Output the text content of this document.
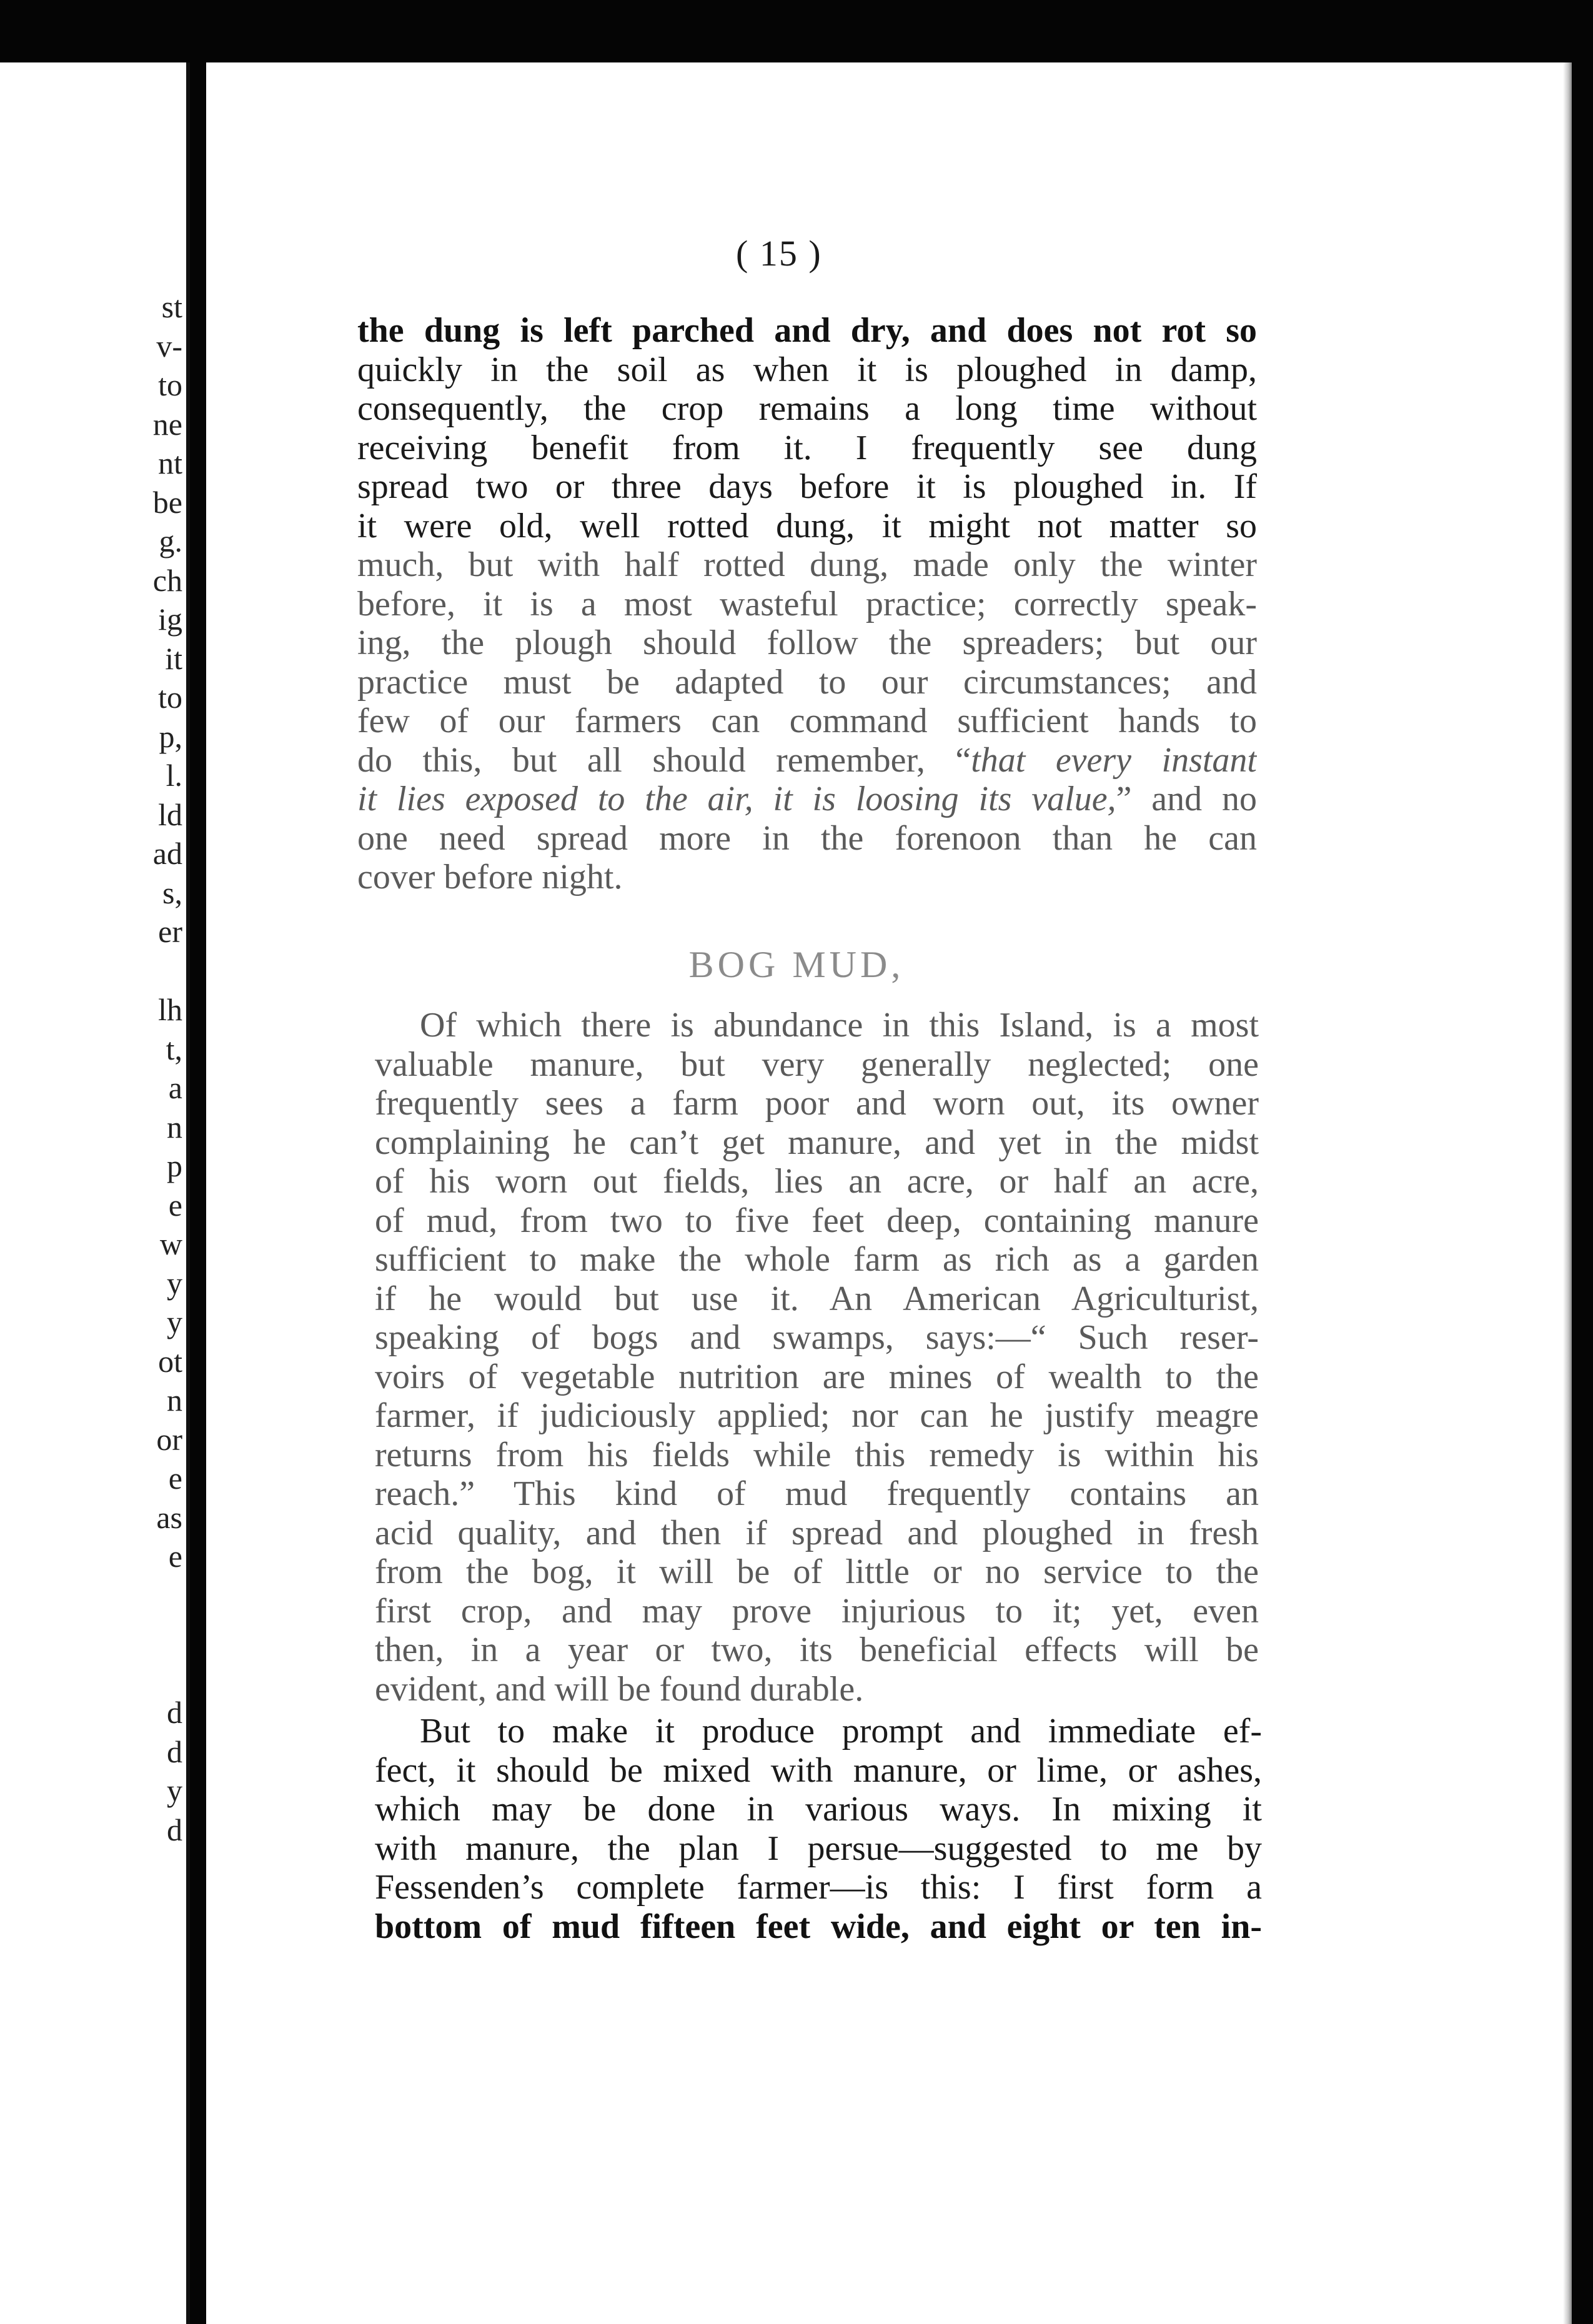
st
v-
to
ne
nt
be
g.
ch
ig
it
to
p,
l.
ld
ad
s,
er
lh
t,
a
n
p
e
w
y
y
ot
n
or
e
as
e
d
d
y
d
( 15 )
the dung is left parched and dry, and does not rot so
quickly in the soil as when it is ploughed in damp,
consequently, the crop remains a long time without
receiving benefit from it. I frequently see dung
spread two or three days before it is ploughed in. If
it were old, well rotted dung, it might not matter so
much, but with half rotted dung, made only the winter
before, it is a most wasteful practice; correctly speak-
ing, the plough should follow the spreaders; but our
practice must be adapted to our circumstances; and
few of our farmers can command sufficient hands to
do this, but all should remember, “that every instant
it lies exposed to the air, it is loosing its value,” and no
one need spread more in the forenoon than he can
cover before night.
BOG MUD,
Of which there is abundance in this Island, is a most
valuable manure, but very generally neglected; one
frequently sees a farm poor and worn out, its owner
complaining he can’t get manure, and yet in the midst
of his worn out fields, lies an acre, or half an acre,
of mud, from two to five feet deep, containing manure
sufficient to make the whole farm as rich as a garden
if he would but use it. An American Agriculturist,
speaking of bogs and swamps, says:—“ Such reser-
voirs of vegetable nutrition are mines of wealth to the
farmer, if judiciously applied; nor can he justify meagre
returns from his fields while this remedy is within his
reach.” This kind of mud frequently contains an
acid quality, and then if spread and ploughed in fresh
from the bog, it will be of little or no service to the
first crop, and may prove injurious to it; yet, even
then, in a year or two, its beneficial effects will be
evident, and will be found durable.
But to make it produce prompt and immediate ef-
fect, it should be mixed with manure, or lime, or ashes,
which may be done in various ways. In mixing it
with manure, the plan I persue—suggested to me by
Fessenden’s complete farmer—is this: I first form a
bottom of mud fifteen feet wide, and eight or ten in-
